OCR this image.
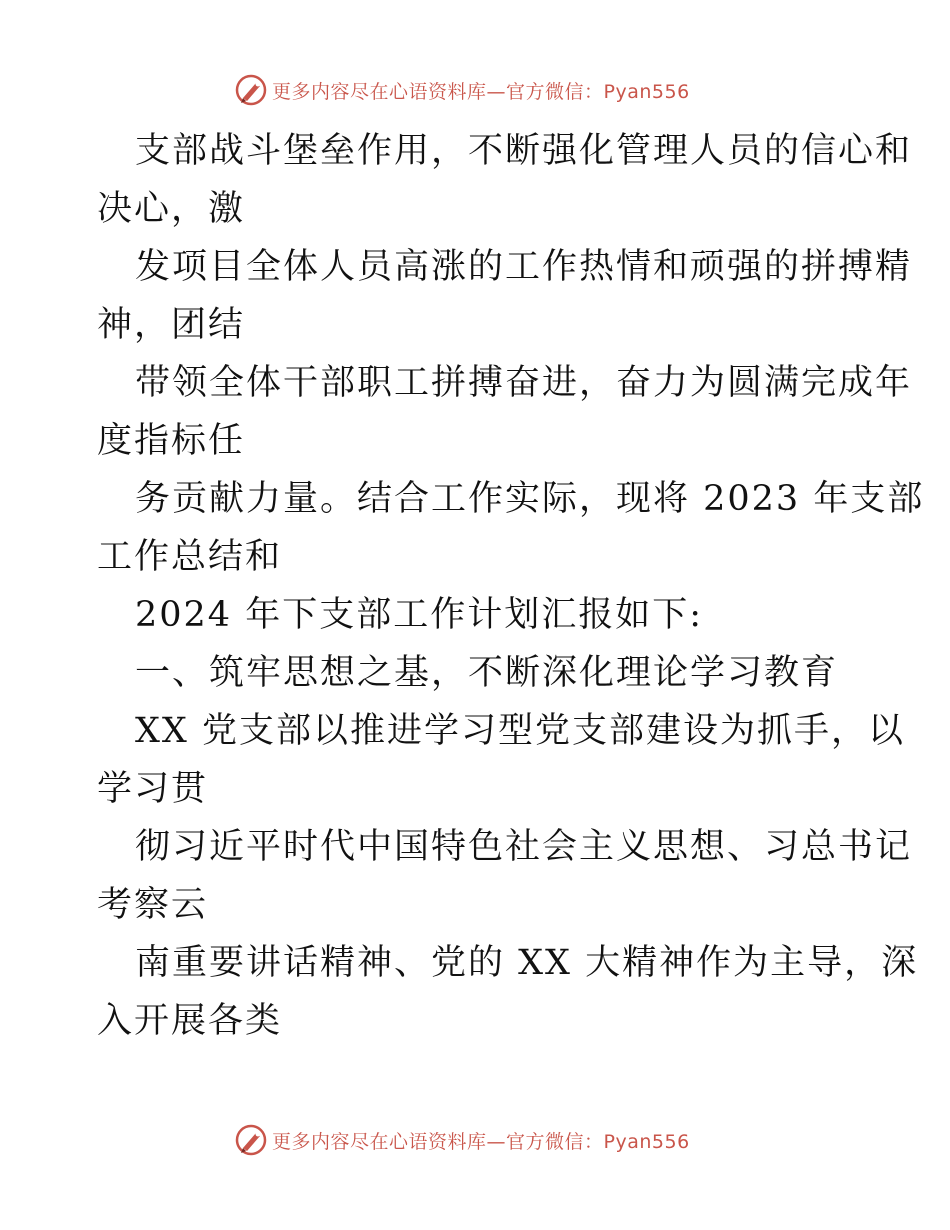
更多内容尽在心语资料库—官方微信：Pyan556
支部战斗堡垒作用，不断强化管理人员的信心和
决心，激
发项目全体人员高涨的工作热情和顽强的拼搏精
神，团结
带领全体干部职工拼搏奋进，奋力为圆满完成年
度指标任
务贡献力量。结合工作实际，现将 2023 年支部
工作总结和
2024 年下支部工作计划汇报如下:
一、筑牢思想之基，不断深化理论学习教育
XX 党支部以推进学习型党支部建设为抓手，以
学习贯
彻习近平时代中国特色社会主义思想、习总书记
考察云
南重要讲话精神、党的 XX 大精神作为主导，深
入开展各类
更多内容尽在心语资料库—官方微信：Pyan556
